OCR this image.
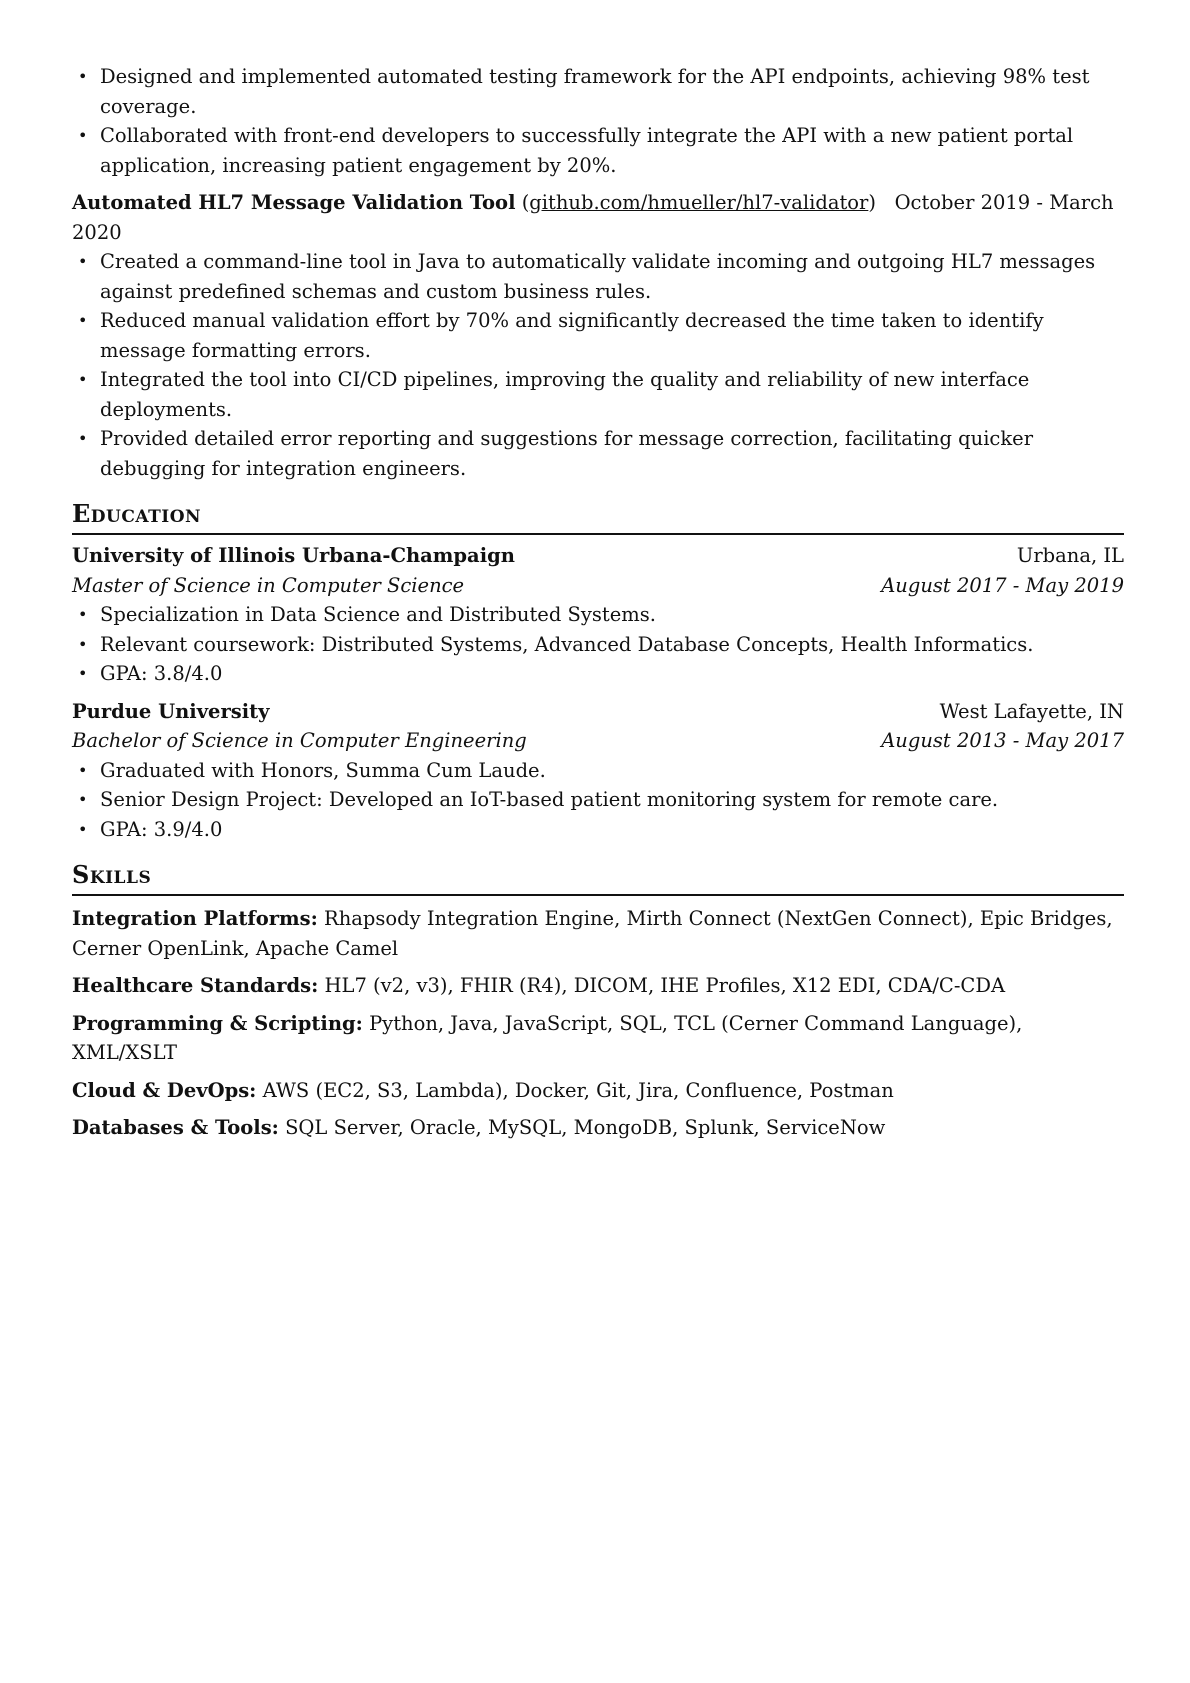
• Designed and implemented automated testing framework for the API endpoints, achieving 98% test coverage.
• Collaborated with front-end developers to successfully integrate the API with a new patient portal application, increasing patient engagement by 20%.
Automated HL7 Message Validation Tool (github.com/hmueller/hl7-validator) October 2019 - March 2020
• Created a command-line tool in Java to automatically validate incoming and outgoing HL7 messages against predefined schemas and custom business rules.
• Reduced manual validation effort by 70% and significantly decreased the time taken to identify message formatting errors.
• Integrated the tool into CI/CD pipelines, improving the quality and reliability of new interface deployments.
• Provided detailed error reporting and suggestions for message correction, facilitating quicker debugging for integration engineers.
Education
University of Illinois Urbana-Champaign	Urbana, IL
Master of Science in Computer Science	August 2017 - May 2019
• Specialization in Data Science and Distributed Systems.
• Relevant coursework: Distributed Systems, Advanced Database Concepts, Health Informatics.
• GPA: 3.8/4.0
Purdue University	West Lafayette, IN
Bachelor of Science in Computer Engineering	August 2013 - May 2017
• Graduated with Honors, Summa Cum Laude.
• Senior Design Project: Developed an IoT-based patient monitoring system for remote care.
• GPA: 3.9/4.0
Skills
Integration Platforms: Rhapsody Integration Engine, Mirth Connect (NextGen Connect), Epic Bridges, Cerner OpenLink, Apache Camel
Healthcare Standards: HL7 (v2, v3), FHIR (R4), DICOM, IHE Profiles, X12 EDI, CDA/C-CDA
Programming & Scripting: Python, Java, JavaScript, SQL, TCL (Cerner Command Language), XML/XSLT
Cloud & DevOps: AWS (EC2, S3, Lambda), Docker, Git, Jira, Confluence, Postman
Databases & Tools: SQL Server, Oracle, MySQL, MongoDB, Splunk, ServiceNow
